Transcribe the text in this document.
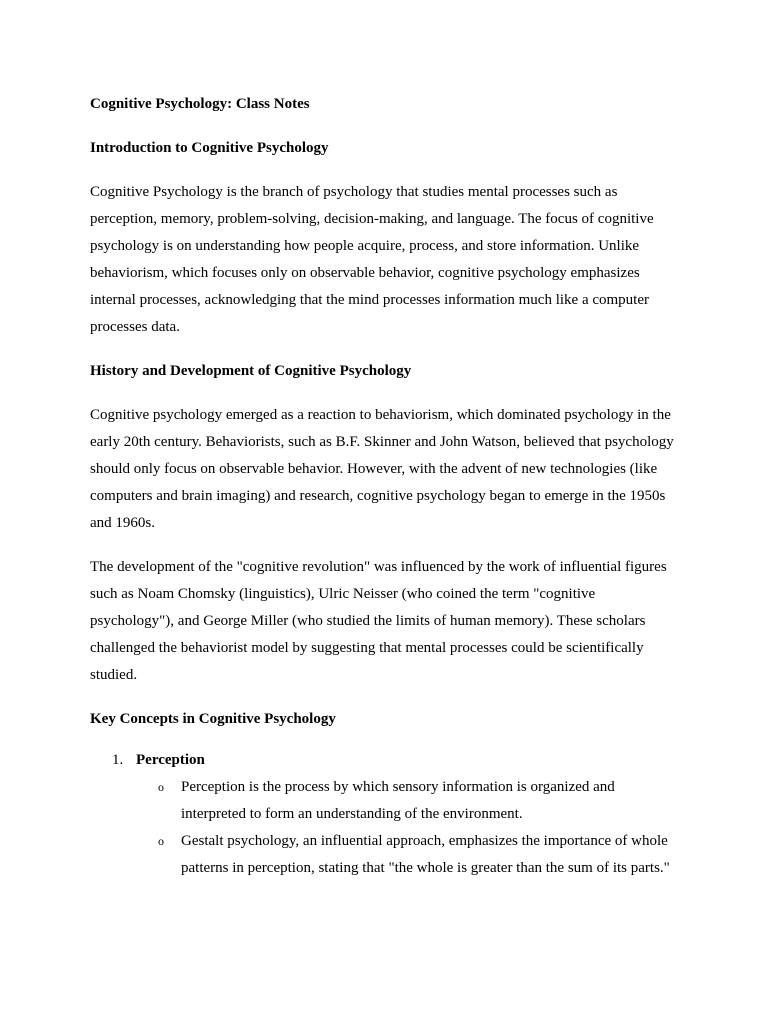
Cognitive Psychology: Class Notes
Introduction to Cognitive Psychology

Cognitive Psychology is the branch of psychology that studies mental processes such as perception, memory, problem-solving, decision-making, and language. The focus of cognitive psychology is on understanding how people acquire, process, and store information. Unlike behaviorism, which focuses only on observable behavior, cognitive psychology emphasizes internal processes, acknowledging that the mind processes information much like a computer processes data.

History and Development of Cognitive Psychology

Cognitive psychology emerged as a reaction to behaviorism, which dominated psychology in the early 20th century. Behaviorists, such as B.F. Skinner and John Watson, believed that psychology should only focus on observable behavior. However, with the advent of new technologies (like computers and brain imaging) and research, cognitive psychology began to emerge in the 1950s and 1960s.

The development of the "cognitive revolution" was influenced by the work of influential figures such as Noam Chomsky (linguistics), Ulric Neisser (who coined the term "cognitive psychology"), and George Miller (who studied the limits of human memory). These scholars challenged the behaviorist model by suggesting that mental processes could be scientifically studied.

Key Concepts in Cognitive Psychology
1. Perception
o Perception is the process by which sensory information is organized and interpreted to form an understanding of the environment.
o Gestalt psychology, an influential approach, emphasizes the importance of whole patterns in perception, stating that "the whole is greater than the sum of its parts."
